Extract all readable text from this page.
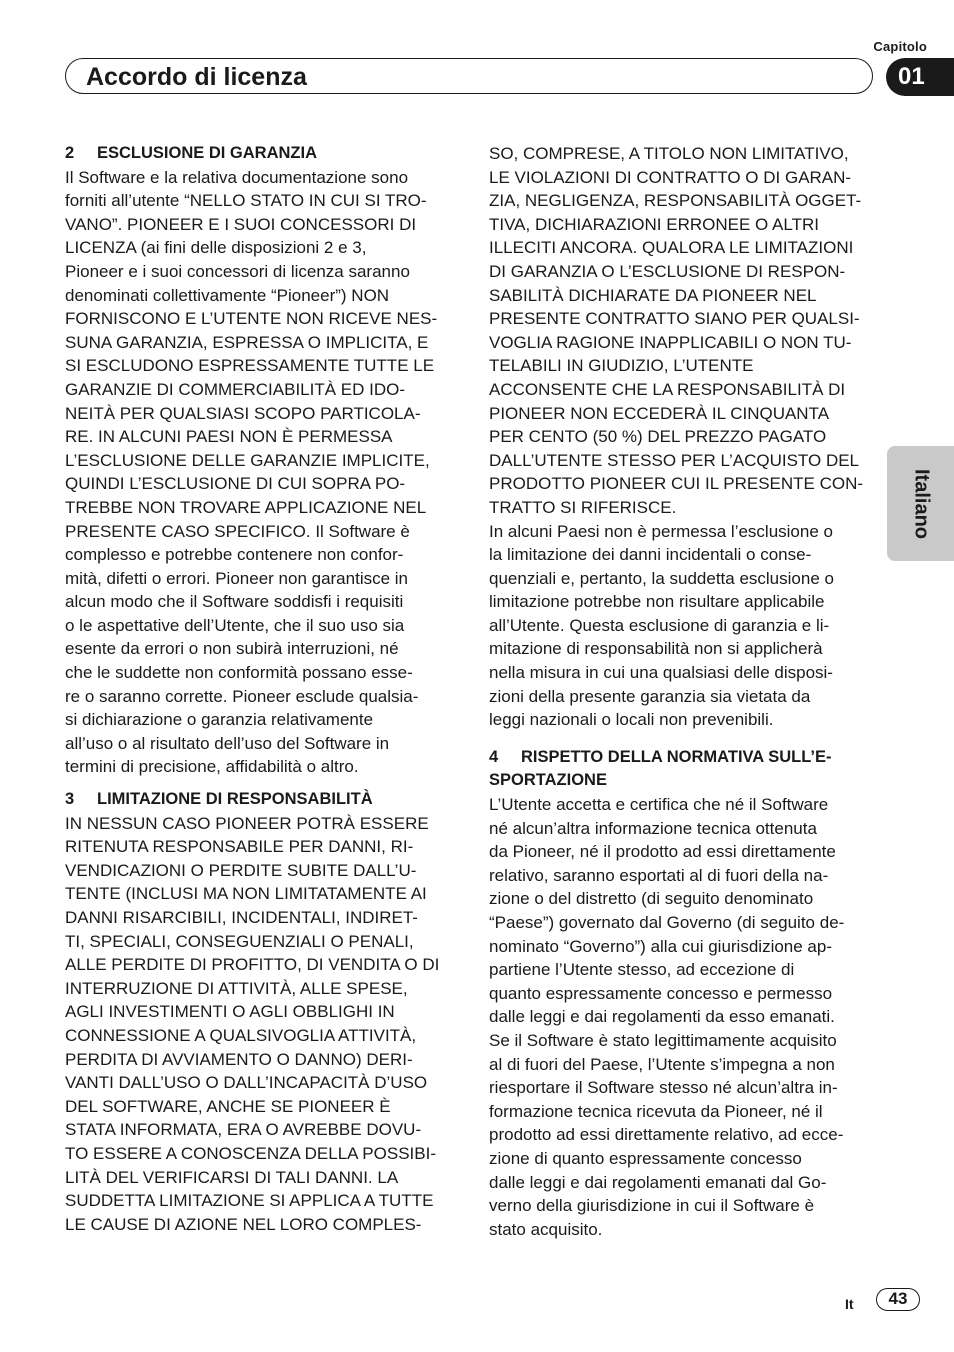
Capitolo
Accordo di licenza	01
Italiano
2 ESCLUSIONE DI GARANZIA

Il Software e la relativa documentazione sono
forniti all’utente “NELLO STATO IN CUI SI TRO-
VANO”. PIONEER E I SUOI CONCESSORI DI
LICENZA (ai fini delle disposizioni 2 e 3,
Pioneer e i suoi concessori di licenza saranno
denominati collettivamente “Pioneer”) NON
FORNISCONO E L’UTENTE NON RICEVE NES-
SUNA GARANZIA, ESPRESSA O IMPLICITA, E
SI ESCLUDONO ESPRESSAMENTE TUTTE LE
GARANZIE DI COMMERCIABILITÀ ED IDO-
NEITÀ PER QUALSIASI SCOPO PARTICOLA-
RE. IN ALCUNI PAESI NON È PERMESSA
L’ESCLUSIONE DELLE GARANZIE IMPLICITE,
QUINDI L’ESCLUSIONE DI CUI SOPRA PO-
TREBBE NON TROVARE APPLICAZIONE NEL
PRESENTE CASO SPECIFICO. Il Software è
complesso e potrebbe contenere non confor-
mità, difetti o errori. Pioneer non garantisce in
alcun modo che il Software soddisfi i requisiti
o le aspettative dell’Utente, che il suo uso sia
esente da errori o non subirà interruzioni, né
che le suddette non conformità possano esse-
re o saranno corrette. Pioneer esclude qualsia-
si dichiarazione o garanzia relativamente
all’uso o al risultato dell’uso del Software in
termini di precisione, affidabilità o altro.

3 LIMITAZIONE DI RESPONSABILITÀ

IN NESSUN CASO PIONEER POTRÀ ESSERE
RITENUTA RESPONSABILE PER DANNI, RI-
VENDICAZIONI O PERDITE SUBITE DALL’U-
TENTE (INCLUSI MA NON LIMITATAMENTE AI
DANNI RISARCIBILI, INCIDENTALI, INDIRET-
TI, SPECIALI, CONSEGUENZIALI O PENALI,
ALLE PERDITE DI PROFITTO, DI VENDITA O DI
INTERRUZIONE DI ATTIVITÀ, ALLE SPESE,
AGLI INVESTIMENTI O AGLI OBBLIGHI IN
CONNESSIONE A QUALSIVOGLIA ATTIVITÀ,
PERDITA DI AVVIAMENTO O DANNO) DERI-
VANTI DALL’USO O DALL’INCAPACITÀ D’USO
DEL SOFTWARE, ANCHE SE PIONEER È
STATA INFORMATA, ERA O AVREBBE DOVU-
TO ESSERE A CONOSCENZA DELLA POSSIBI-
LITÀ DEL VERIFICARSI DI TALI DANNI. LA
SUDDETTA LIMITAZIONE SI APPLICA A TUTTE
LE CAUSE DI AZIONE NEL LORO COMPLES-

SO, COMPRESE, A TITOLO NON LIMITATIVO,
LE VIOLAZIONI DI CONTRATTO O DI GARAN-
ZIA, NEGLIGENZA, RESPONSABILITÀ OGGET-
TIVA, DICHIARAZIONI ERRONEE O ALTRI
ILLECITI ANCORA. QUALORA LE LIMITAZIONI
DI GARANZIA O L’ESCLUSIONE DI RESPON-
SABILITÀ DICHIARATE DA PIONEER NEL
PRESENTE CONTRATTO SIANO PER QUALSI-
VOGLIA RAGIONE INAPPLICABILI O NON TU-
TELABILI IN GIUDIZIO, L’UTENTE
ACCONSENTE CHE LA RESPONSABILITÀ DI
PIONEER NON ECCEDERÀ IL CINQUANTA
PER CENTO (50 %) DEL PREZZO PAGATO
DALL’UTENTE STESSO PER L’ACQUISTO DEL
PRODOTTO PIONEER CUI IL PRESENTE CON-
TRATTO SI RIFERISCE.

In alcuni Paesi non è permessa l’esclusione o
la limitazione dei danni incidentali o conse-
quenziali e, pertanto, la suddetta esclusione o
limitazione potrebbe non risultare applicabile
all’Utente. Questa esclusione di garanzia e li-
mitazione di responsabilità non si applicherà
nella misura in cui una qualsiasi delle disposi-
zioni della presente garanzia sia vietata da
leggi nazionali o locali non prevenibili.

4 RISPETTO DELLA NORMATIVA SULL’E-
SPORTAZIONE

L’Utente accetta e certifica che né il Software
né alcun’altra informazione tecnica ottenuta
da Pioneer, né il prodotto ad essi direttamente
relativo, saranno esportati al di fuori della na-
zione o del distretto (di seguito denominato
“Paese”) governato dal Governo (di seguito de-
nominato “Governo”) alla cui giurisdizione ap-
partiene l’Utente stesso, ad eccezione di
quanto espressamente concesso e permesso
dalle leggi e dai regolamenti da esso emanati.
Se il Software è stato legittimamente acquisito
al di fuori del Paese, l’Utente s’impegna a non
riesportare il Software stesso né alcun’altra in-
formazione tecnica ricevuta da Pioneer, né il
prodotto ad essi direttamente relativo, ad ecce-
zione di quanto espressamente concesso
dalle leggi e dai regolamenti emanati dal Go-
verno della giurisdizione in cui il Software è
stato acquisito.

It	43
